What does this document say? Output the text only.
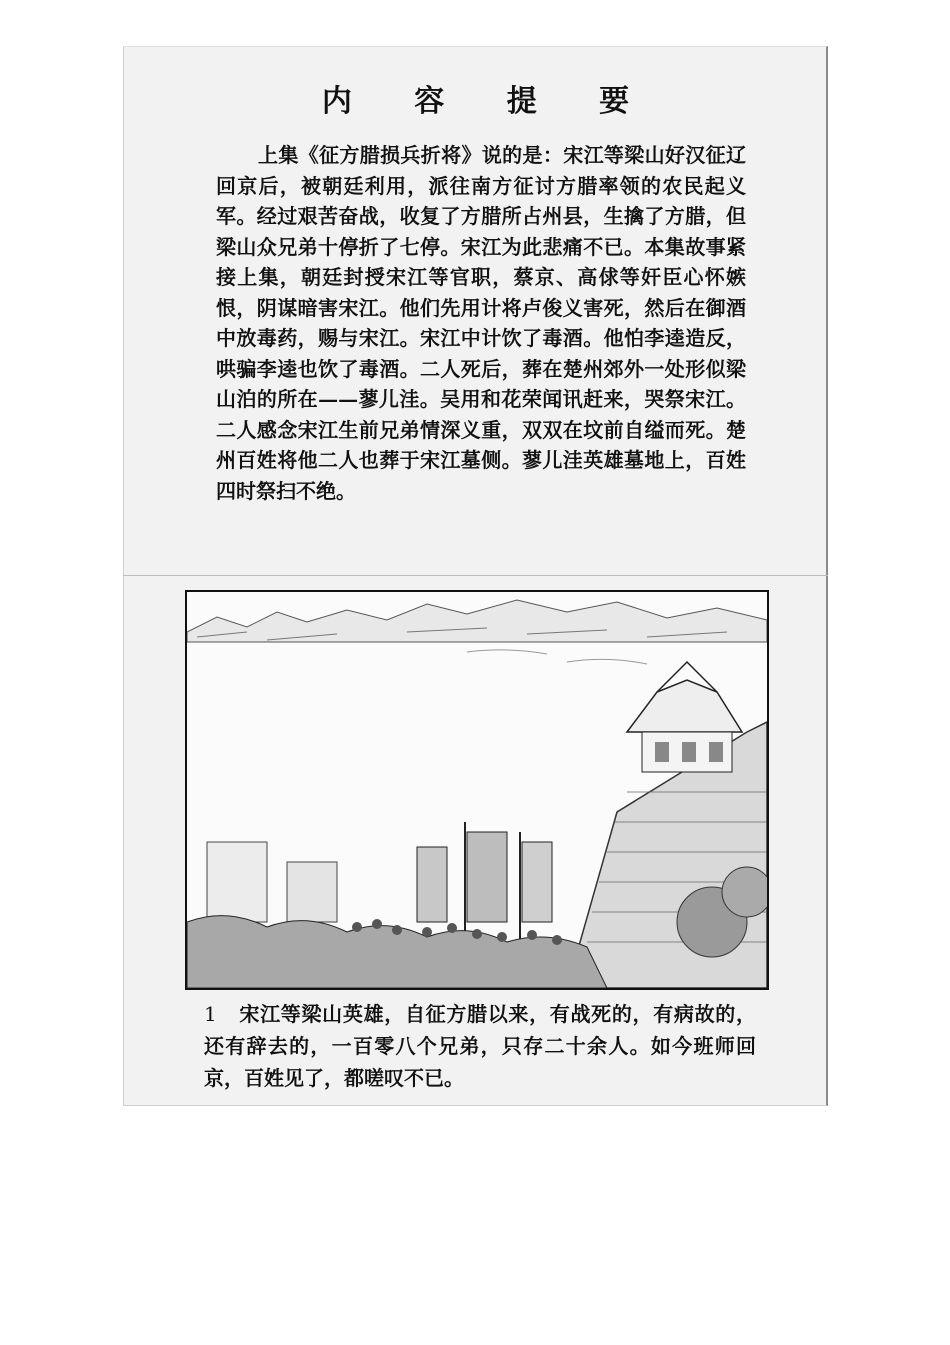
内 容 提 要
上集《征方腊损兵折将》说的是：宋江等梁山好汉征辽回京后，被朝廷利用，派往南方征讨方腊率领的农民起义军。经过艰苦奋战，收复了方腊所占州县，生擒了方腊，但梁山众兄弟十停折了七停。宋江为此悲痛不已。本集故事紧接上集，朝廷封授宋江等官职，蔡京、高俅等奸臣心怀嫉恨，阴谋暗害宋江。他们先用计将卢俊义害死，然后在御酒中放毒药，赐与宋江。宋江中计饮了毒酒。他怕李逵造反，哄骗李逵也饮了毒酒。二人死后，葬在楚州郊外一处形似梁山泊的所在——蓼儿洼。吴用和花荣闻讯赶来，哭祭宋江。二人感念宋江生前兄弟情深义重，双双在坟前自缢而死。楚州百姓将他二人也葬于宋江墓侧。蓼儿洼英雄墓地上，百姓四时祭扫不绝。
1 宋江等梁山英雄，自征方腊以来，有战死的，有病故的，还有辞去的，一百零八个兄弟，只存二十余人。如今班师回京，百姓见了，都嗟叹不已。
